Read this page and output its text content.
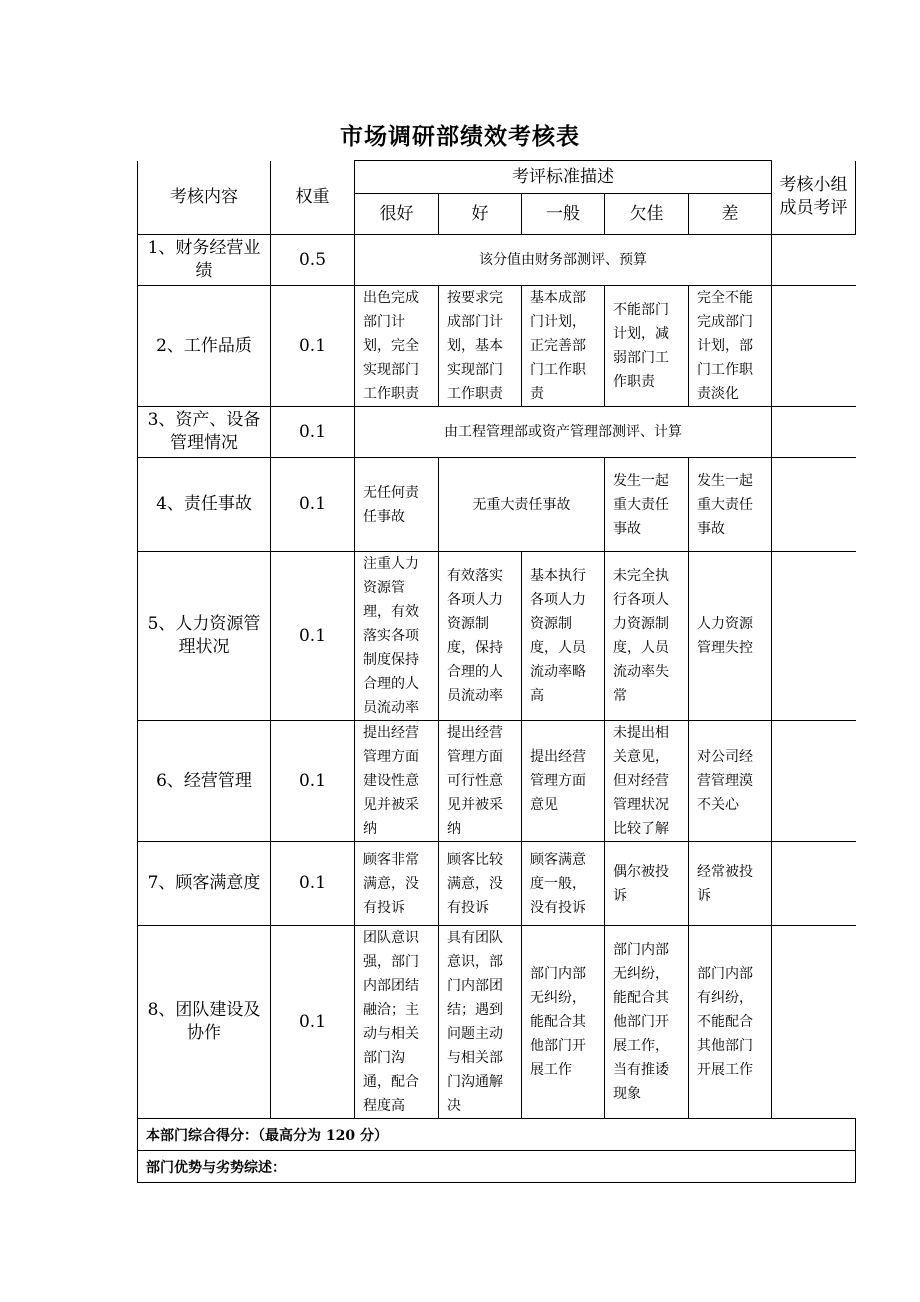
市场调研部绩效考核表
考核内容	权重	考评标准描述					考核小组成员考评
		很好	好	一般	欠佳	差	
1、财务经营业绩	0.5	该分值由财务部测评、预算					
2、工作品质	0.1	出色完成部门计划，完全实现部门工作职责	按要求完成部门计划，基本实现部门工作职责	基本成部门计划，正完善部门工作职责	不能部门计划，减弱部门工作职责	完全不能完成部门计划，部门工作职责淡化	
3、资产、设备管理情况	0.1	由工程管理部或资产管理部测评、计算					
4、责任事故	0.1	无任何责任事故	无重大责任事故		发生一起重大责任事故	发生一起重大责任事故	
5、人力资源管理状况	0.1	注重人力资源管理，有效落实各项制度保持合理的人员流动率	有效落实各项人力资源制度，保持合理的人员流动率	基本执行各项人力资源制度，人员流动率略高	未完全执行各项人力资源制度，人员流动率失常	人力资源管理失控	
6、经营管理	0.1	提出经营管理方面建设性意见并被采纳	提出经营管理方面可行性意见并被采纳	提出经营管理方面意见	未提出相关意见，但对经营管理状况比较了解	对公司经营管理漠不关心	
7、顾客满意度	0.1	顾客非常满意，没有投诉	顾客比较满意，没有投诉	顾客满意度一般，没有投诉	偶尔被投诉	经常被投诉	
8、团队建设及协作	0.1	团队意识强，部门内部团结融洽；主动与相关部门沟通，配合程度高	具有团队意识，部门内部团结；遇到问题主动与相关部门沟通解决	部门内部无纠纷，能配合其他部门开展工作	部门内部无纠纷，能配合其他部门开展工作，当有推诿现象	部门内部有纠纷，不能配合其他部门开展工作	
本部门综合得分：（最高分为 120 分）							
部门优势与劣势综述：							
